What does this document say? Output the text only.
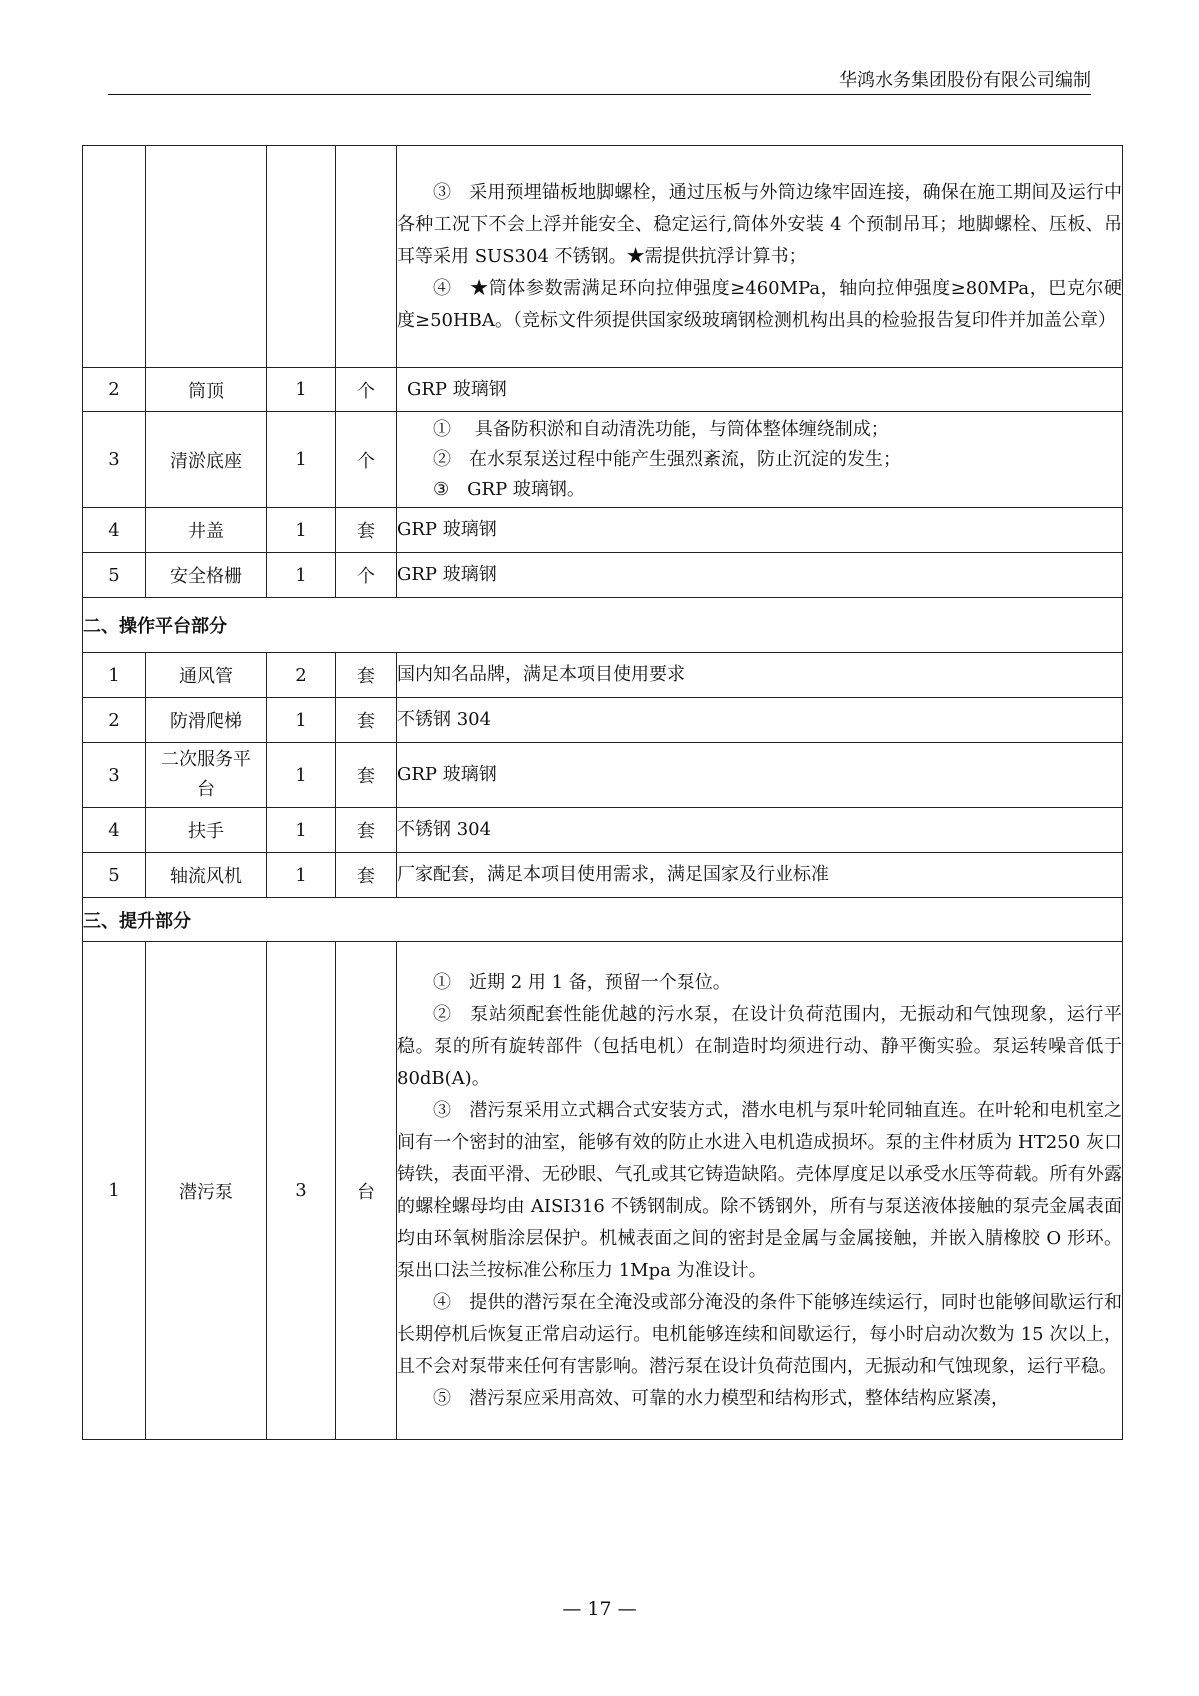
华鸿水务集团股份有限公司编制

				③　采用预埋锚板地脚螺栓，通过压板与外筒边缘牢固连接，确保在施工期间及运行中各种工况下不会上浮并能安全、稳定运行,筒体外安装 4 个预制吊耳；地脚螺栓、压板、吊耳等采用 SUS304 不锈钢。★需提供抗浮计算书；

④　★筒体参数需满足环向拉伸强度≥460MPa，轴向拉伸强度≥80MPa，巴克尔硬度≥50HBA。（竞标文件须提供国家级玻璃钢检测机构出具的检验报告复印件并加盖公章）

2	筒顶	1	个	GRP 玻璃钢
3	清淤底座	1	个	①　 具备防积淤和自动清洗功能，与筒体整体缠绕制成；

②　在水泵泵送过程中能产生强烈紊流，防止沉淀的发生；

③　GRP 玻璃钢。

4	井盖	1	套	GRP 玻璃钢
5	安全格栅	1	个	GRP 玻璃钢
二、操作平台部分				
1	通风管	2	套	国内知名品牌，满足本项目使用要求
2	防滑爬梯	1	套	不锈钢 304
3	二次服务平台	1	套	GRP 玻璃钢
4	扶手	1	套	不锈钢 304
5	轴流风机	1	套	厂家配套，满足本项目使用需求，满足国家及行业标准
三、提升部分				
1	潜污泵	3	台	①　近期 2 用 1 备，预留一个泵位。

②　泵站须配套性能优越的污水泵，在设计负荷范围内，无振动和气蚀现象，运行平稳。泵的所有旋转部件（包括电机）在制造时均须进行动、静平衡实验。泵运转噪音低于 80dB(A)。

③　潜污泵采用立式耦合式安装方式，潜水电机与泵叶轮同轴直连。在叶轮和电机室之间有一个密封的油室，能够有效的防止水进入电机造成损坏。泵的主件材质为 HT250 灰口铸铁，表面平滑、无砂眼、气孔或其它铸造缺陷。壳体厚度足以承受水压等荷载。所有外露的螺栓螺母均由 AISI316 不锈钢制成。除不锈钢外，所有与泵送液体接触的泵壳金属表面均由环氧树脂涂层保护。机械表面之间的密封是金属与金属接触，并嵌入腈橡胶 O 形环。泵出口法兰按标准公称压力 1Mpa 为准设计。

④　提供的潜污泵在全淹没或部分淹没的条件下能够连续运行，同时也能够间歇运行和长期停机后恢复正常启动运行。电机能够连续和间歇运行，每小时启动次数为 15 次以上，且不会对泵带来任何有害影响。潜污泵在设计负荷范围内，无振动和气蚀现象，运行平稳。

⑤　潜污泵应采用高效、可靠的水力模型和结构形式，整体结构应紧凑，

— 17 —
